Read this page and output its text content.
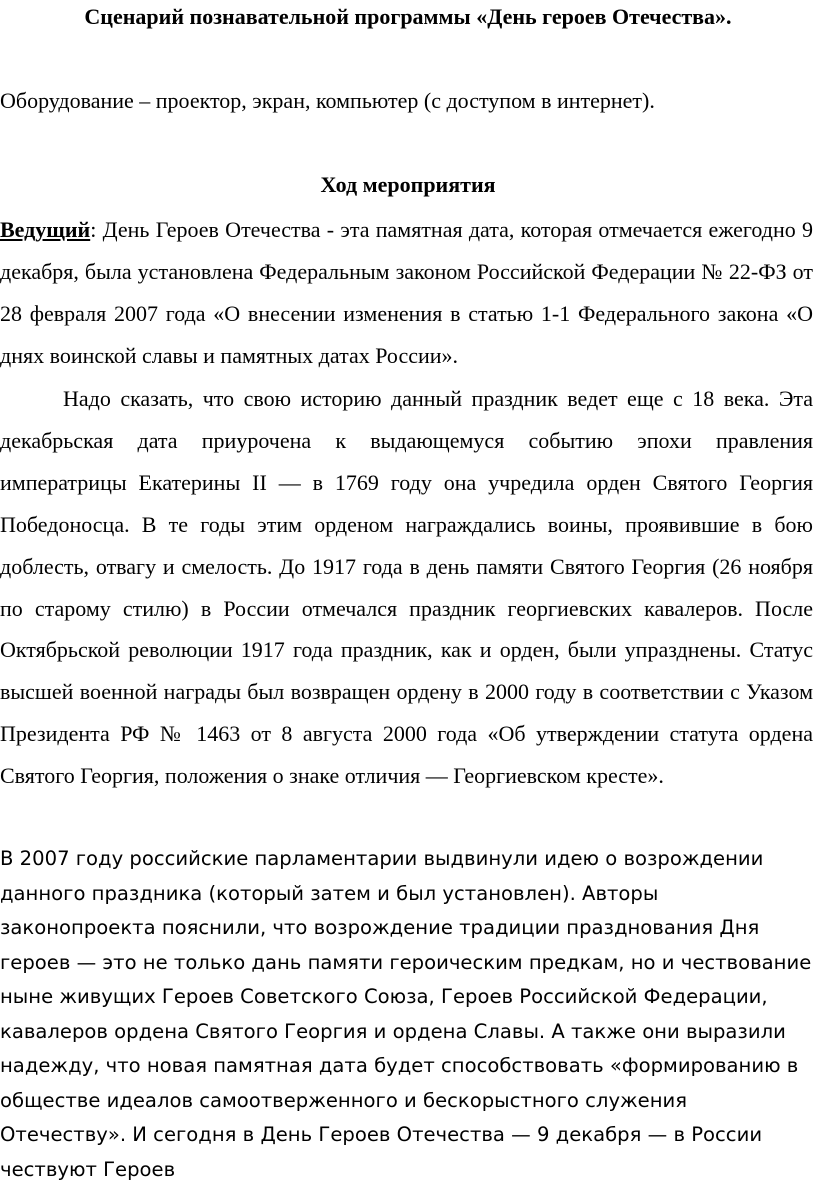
Сценарий познавательной программы «День героев Отечества».
Оборудование – проектор, экран, компьютер (с доступом в интернет).
Ход мероприятия

Ведущий: День Героев Отечества - эта памятная дата, которая отмечается ежегодно 9 декабря, была установлена Федеральным законом Российской Федерации № 22-ФЗ от 28 февраля 2007 года «О внесении изменения в статью 1-1 Федерального закона «О днях воинской славы и памятных датах России».

Надо сказать, что свою историю данный праздник ведет еще с 18 века. Эта декабрьская дата приурочена к выдающемуся событию эпохи правления императрицы Екатерины II — в 1769 году она учредила орден Святого Георгия Победоносца. В те годы этим орденом награждались воины, проявившие в бою доблесть, отвагу и смелость. До 1917 года в день памяти Святого Георгия (26 ноября по старому стилю) в России отмечался праздник георгиевских кавалеров. После Октябрьской революции 1917 года праздник, как и орден, были упразднены. Статус высшей военной награды был возвращен ордену в 2000 году в соответствии с Указом Президента РФ № 1463 от 8 августа 2000 года «Об утверждении статута ордена Святого Георгия, положения о знаке отличия — Георгиевском кресте».

В 2007 году российские парламентарии выдвинули идею о возрождении данного праздника (который затем и был установлен). Авторы законопроекта пояснили, что возрождение традиции празднования Дня героев — это не только дань памяти героическим предкам, но и чествование ныне живущих Героев Советского Союза, Героев Российской Федерации, кавалеров ордена Святого Георгия и ордена Славы. А также они выразили надежду, что новая памятная дата будет способствовать «формированию в обществе идеалов самоотверженного и бескорыстного служения Отечеству». И сегодня в День Героев Отечества — 9 декабря — в России чествуют Героев
